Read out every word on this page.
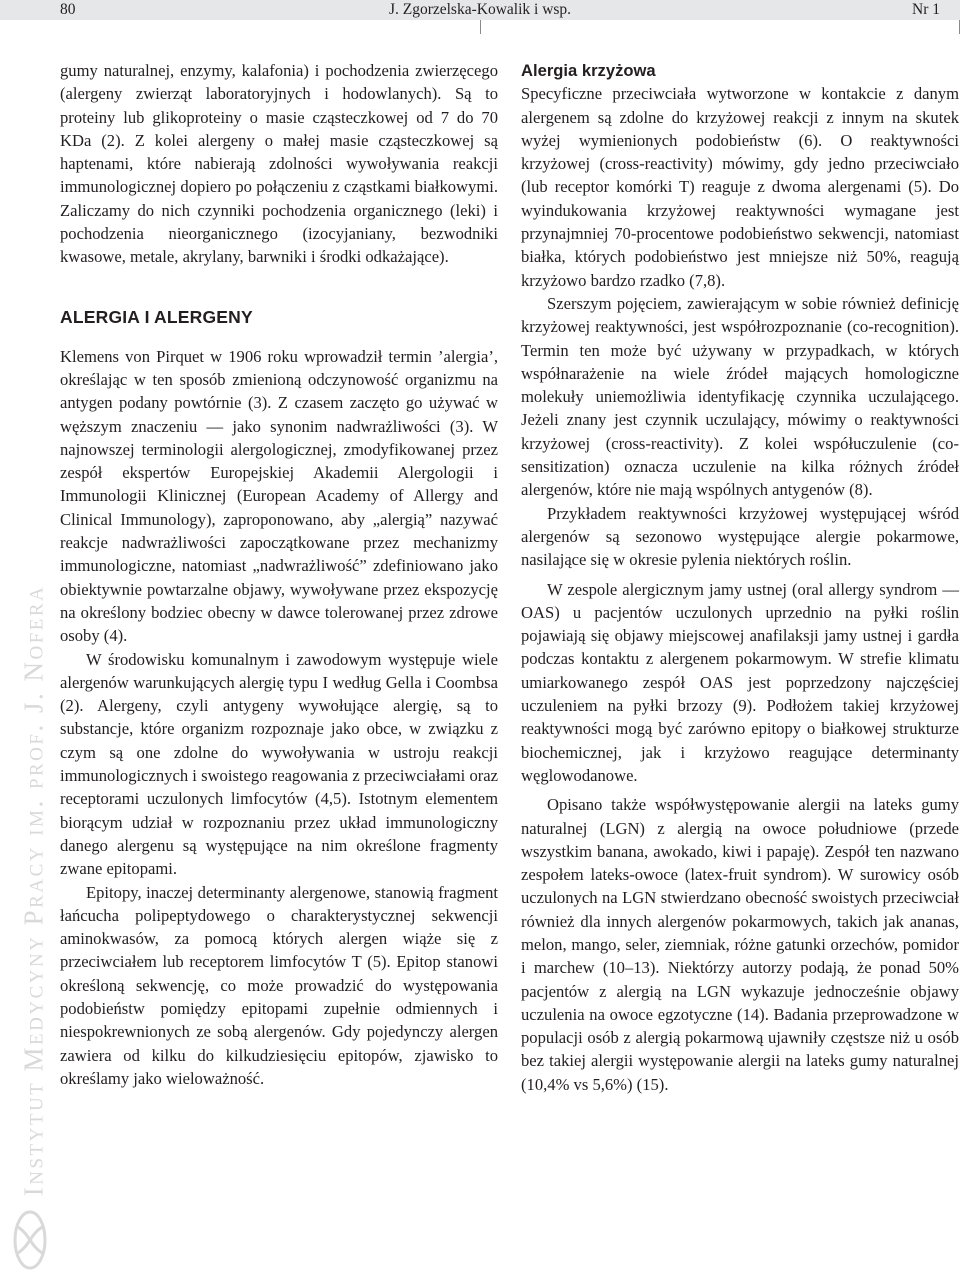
80	J. Zgorzelska-Kowalik i wsp.	Nr 1
Instytut Medycyny Pracy im. prof. J. Nofera

gumy naturalnej, enzymy, kalafonia) i pochodzenia zwierzęcego (alergeny zwierząt laboratoryjnych i hodowlanych). Są to proteiny lub glikoproteiny o masie cząsteczkowej od 7 do 70 KDa (2). Z kolei alergeny o małej masie cząsteczkowej są haptenami, które nabierają zdolności wywoływania reakcji immunologicznej dopiero po połączeniu z cząstkami białkowymi. Zaliczamy do nich czynniki pochodzenia organicznego (leki) i pochodzenia nieorganicznego (izocyjaniany, bezwodniki kwasowe, metale, akrylany, barwniki i środki odkażające).

ALERGIA I ALERGENY

Klemens von Pirquet w 1906 roku wprowadził termin ’alergia’, określając w ten sposób zmienioną odczynowość organizmu na antygen podany powtórnie (3). Z czasem zaczęto go używać w węższym znaczeniu — jako synonim nadwrażliwości (3). W najnowszej terminologii alergologicznej, zmodyfikowanej przez zespół ekspertów Europejskiej Akademii Alergologii i Immunologii Klinicznej (European Academy of Allergy and Clinical Immunology), zaproponowano, aby „alergią” nazywać reakcje nadwrażliwości zapoczątkowane przez mechanizmy immunologiczne, natomiast „nadwrażliwość” zdefiniowano jako obiektywnie powtarzalne objawy, wywoływane przez ekspozycję na określony bodziec obecny w dawce tolerowanej przez zdrowe osoby (4).

W środowisku komunalnym i zawodowym występuje wiele alergenów warunkujących alergię typu I według Gella i Coombsa (2). Alergeny, czyli antygeny wywołujące alergię, są to substancje, które organizm rozpoznaje jako obce, w związku z czym są one zdolne do wywoływania w ustroju reakcji immunologicznych i swoistego reagowania z przeciwciałami oraz receptorami uczulonych limfocytów (4,5). Istotnym elementem biorącym udział w rozpoznaniu przez układ immunologiczny danego alergenu są występujące na nim określone fragmenty zwane epitopami.

Epitopy, inaczej determinanty alergenowe, stanowią fragment łańcucha polipeptydowego o charakterystycznej sekwencji aminokwasów, za pomocą których alergen wiąże się z przeciwciałem lub receptorem limfocytów T (5). Epitop stanowi określoną sekwencję, co może prowadzić do występowania podobieństw pomiędzy epitopami zupełnie odmiennych i niespokrewnionych ze sobą alergenów. Gdy pojedynczy alergen zawiera od kilku do kilkudziesięciu epitopów, zjawisko to określamy jako wieloważność.

Alergia krzyżowa

Specyficzne przeciwciała wytworzone w kontakcie z danym alergenem są zdolne do krzyżowej reakcji z innym na skutek wyżej wymienionych podobieństw (6). O reaktywności krzyżowej (cross-reactivity) mówimy, gdy jedno przeciwciało (lub receptor komórki T) reaguje z dwoma alergenami (5). Do wyindukowania krzyżowej reaktywności wymagane jest przynajmniej 70-procentowe podobieństwo sekwencji, natomiast białka, których podobieństwo jest mniejsze niż 50%, reagują krzyżowo bardzo rzadko (7,8).

Szerszym pojęciem, zawierającym w sobie również definicję krzyżowej reaktywności, jest współrozpoznanie (co-recognition). Termin ten może być używany w przypadkach, w których współnarażenie na wiele źródeł mających homologiczne molekuły uniemożliwia identyfikację czynnika uczulającego. Jeżeli znany jest czynnik uczulający, mówimy o reaktywności krzyżowej (cross-reactivity). Z kolei współuczulenie (co-sensitization) oznacza uczulenie na kilka różnych źródeł alergenów, które nie mają wspólnych antygenów (8).

Przykładem reaktywności krzyżowej występującej wśród alergenów są sezonowo występujące alergie pokarmowe, nasilające się w okresie pylenia niektórych roślin.

W zespole alergicznym jamy ustnej (oral allergy syndrom — OAS) u pacjentów uczulonych uprzednio na pyłki roślin pojawiają się objawy miejscowej anafilaksji jamy ustnej i gardła podczas kontaktu z alergenem pokarmowym. W strefie klimatu umiarkowanego zespół OAS jest poprzedzony najczęściej uczuleniem na pyłki brzozy (9). Podłożem takiej krzyżowej reaktywności mogą być zarówno epitopy o białkowej strukturze biochemicznej, jak i krzyżowo reagujące determinanty węglowodanowe.

Opisano także współwystępowanie alergii na lateks gumy naturalnej (LGN) z alergią na owoce południowe (przede wszystkim banana, awokado, kiwi i papaję). Zespół ten nazwano zespołem lateks-owoce (latex-fruit syndrom). W surowicy osób uczulonych na LGN stwierdzano obecność swoistych przeciwciał również dla innych alergenów pokarmowych, takich jak ananas, melon, mango, seler, ziemniak, różne gatunki orzechów, pomidor i marchew (10–13). Niektórzy autorzy podają, że ponad 50% pacjentów z alergią na LGN wykazuje jednocześnie objawy uczulenia na owoce egzotyczne (14). Badania przeprowadzone w populacji osób z alergią pokarmową ujawniły częstsze niż u osób bez takiej alergii występowanie alergii na lateks gumy naturalnej (10,4% vs 5,6%) (15).
